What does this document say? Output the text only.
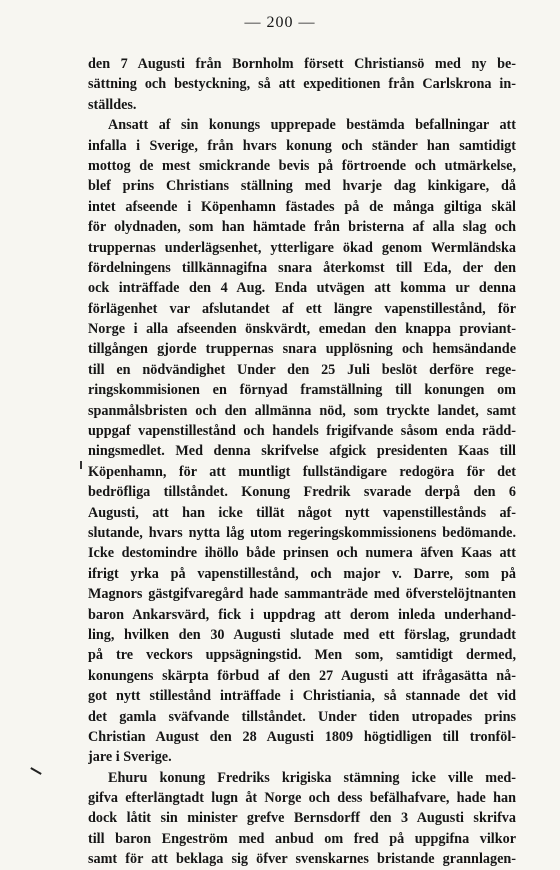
— 200 —
den 7 Augusti från Bornholm försett Christiansö med ny be-
sättning och bestyckning, så att expeditionen från Carlskrona in-
ställdes.
Ansatt af sin konungs upprepade bestämda befallningar att
infalla i Sverige, från hvars konung och ständer han samtidigt
mottog de mest smickrande bevis på förtroende och utmärkelse,
blef prins Christians ställning med hvarje dag kinkigare, då
intet afseende i Köpenhamn fästades på de många giltiga skäl
för olydnaden, som han hämtade från bristerna af alla slag och
truppernas underlägsenhet, ytterligare ökad genom Wermländska
fördelningens tillkännagifna snara återkomst till Eda, der den
ock inträffade den 4 Aug. Enda utvägen att komma ur denna
förlägenhet var afslutandet af ett längre vapenstillestånd, för
Norge i alla afseenden önskvärdt, emedan den knappa proviant-
tillgången gjorde truppernas snara upplösning och hemsändande
till en nödvändighet Under den 25 Juli beslöt derföre rege-
ringskommisionen en förnyad framställning till konungen om
spanmålsbristen och den allmänna nöd, som tryckte landet, samt
uppgaf vapenstillestånd och handels frigifvande såsom enda rädd-
ningsmedlet. Med denna skrifvelse afgick presidenten Kaas till
Köpenhamn, för att muntligt fullständigare redogöra för det
bedröfliga tillståndet. Konung Fredrik svarade derpå den 6
Augusti, att han icke tillät något nytt vapenstillestånds af-
slutande, hvars nytta låg utom regeringskommissionens bedömande.
Icke destomindre ihöllo både prinsen och numera äfven Kaas att
ifrigt yrka på vapenstillestånd, och major v. Darre, som på
Magnors gästgifvaregård hade sammanträde med öfverstelöjtnanten
baron Ankarsvärd, fick i uppdrag att derom inleda underhand-
ling, hvilken den 30 Augusti slutade med ett förslag, grundadt
på tre veckors uppsägningstid. Men som, samtidigt dermed,
konungens skärpta förbud af den 27 Augusti att ifrågasätta nå-
got nytt stillestånd inträffade i Christiania, så stannade det vid
det gamla sväfvande tillståndet. Under tiden utropades prins
Christian August den 28 Augusti 1809 högtidligen till tronföl-
jare i Sverige.
Ehuru konung Fredriks krigiska stämning icke ville med-
gifva efterlängtadt lugn åt Norge och dess befälhafvare, hade han
dock låtit sin minister grefve Bernsdorff den 3 Augusti skrifva
till baron Engeström med anbud om fred på uppgifna vilkor
samt för att beklaga sig öfver svenskarnes bristande grannlagen-
